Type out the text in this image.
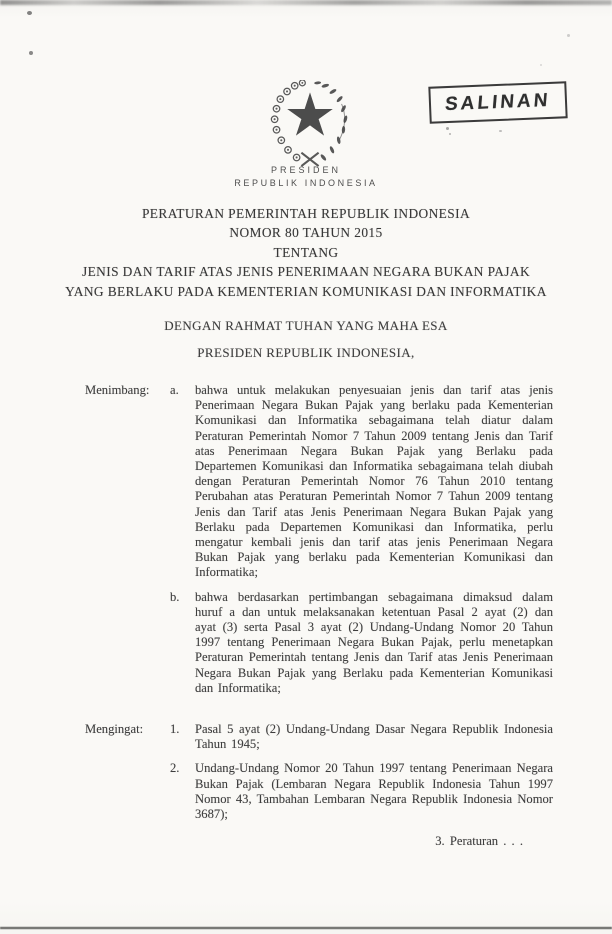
SALINAN
PRESIDEN
REPUBLIK INDONESIA
PERATURAN PEMERINTAH REPUBLIK INDONESIA
NOMOR 80 TAHUN 2015
TENTANG
JENIS DAN TARIF ATAS JENIS PENERIMAAN NEGARA BUKAN PAJAK
YANG BERLAKU PADA KEMENTERIAN KOMUNIKASI DAN INFORMATIKA
DENGAN RAHMAT TUHAN YANG MAHA ESA
PRESIDEN REPUBLIK INDONESIA,
Menimbang:	a.	bahwa untuk melakukan penyesuaian jenis dan tarif atas jenis Penerimaan Negara Bukan Pajak yang berlaku pada Kementerian Komunikasi dan Informatika sebagaimana telah diatur dalam Peraturan Pemerintah Nomor 7 Tahun 2009 tentang Jenis dan Tarif atas Penerimaan Negara Bukan Pajak yang Berlaku pada Departemen Komunikasi dan Informatika sebagaimana telah diubah dengan Peraturan Pemerintah Nomor 76 Tahun 2010 tentang Perubahan atas Peraturan Pemerintah Nomor 7 Tahun 2009 tentang Jenis dan Tarif atas Jenis Penerimaan Negara Bukan Pajak yang Berlaku pada Departemen Komunikasi dan Informatika, perlu mengatur kembali jenis dan tarif atas jenis Penerimaan Negara Bukan Pajak yang berlaku pada Kementerian Komunikasi dan Informatika;
b.	bahwa berdasarkan pertimbangan sebagaimana dimaksud dalam huruf a dan untuk melaksanakan ketentuan Pasal 2 ayat (2) dan ayat (3) serta Pasal 3 ayat (2) Undang-Undang Nomor 20 Tahun 1997 tentang Penerimaan Negara Bukan Pajak, perlu menetapkan Peraturan Pemerintah tentang Jenis dan Tarif atas Jenis Penerimaan Negara Bukan Pajak yang Berlaku pada Kementerian Komunikasi dan Informatika;
Mengingat:	1.	Pasal 5 ayat (2) Undang-Undang Dasar Negara Republik Indonesia Tahun 1945;
2.	Undang-Undang Nomor 20 Tahun 1997 tentang Penerimaan Negara Bukan Pajak (Lembaran Negara Republik Indonesia Tahun 1997 Nomor 43, Tambahan Lembaran Negara Republik Indonesia Nomor 3687);
3. Peraturan . . .
